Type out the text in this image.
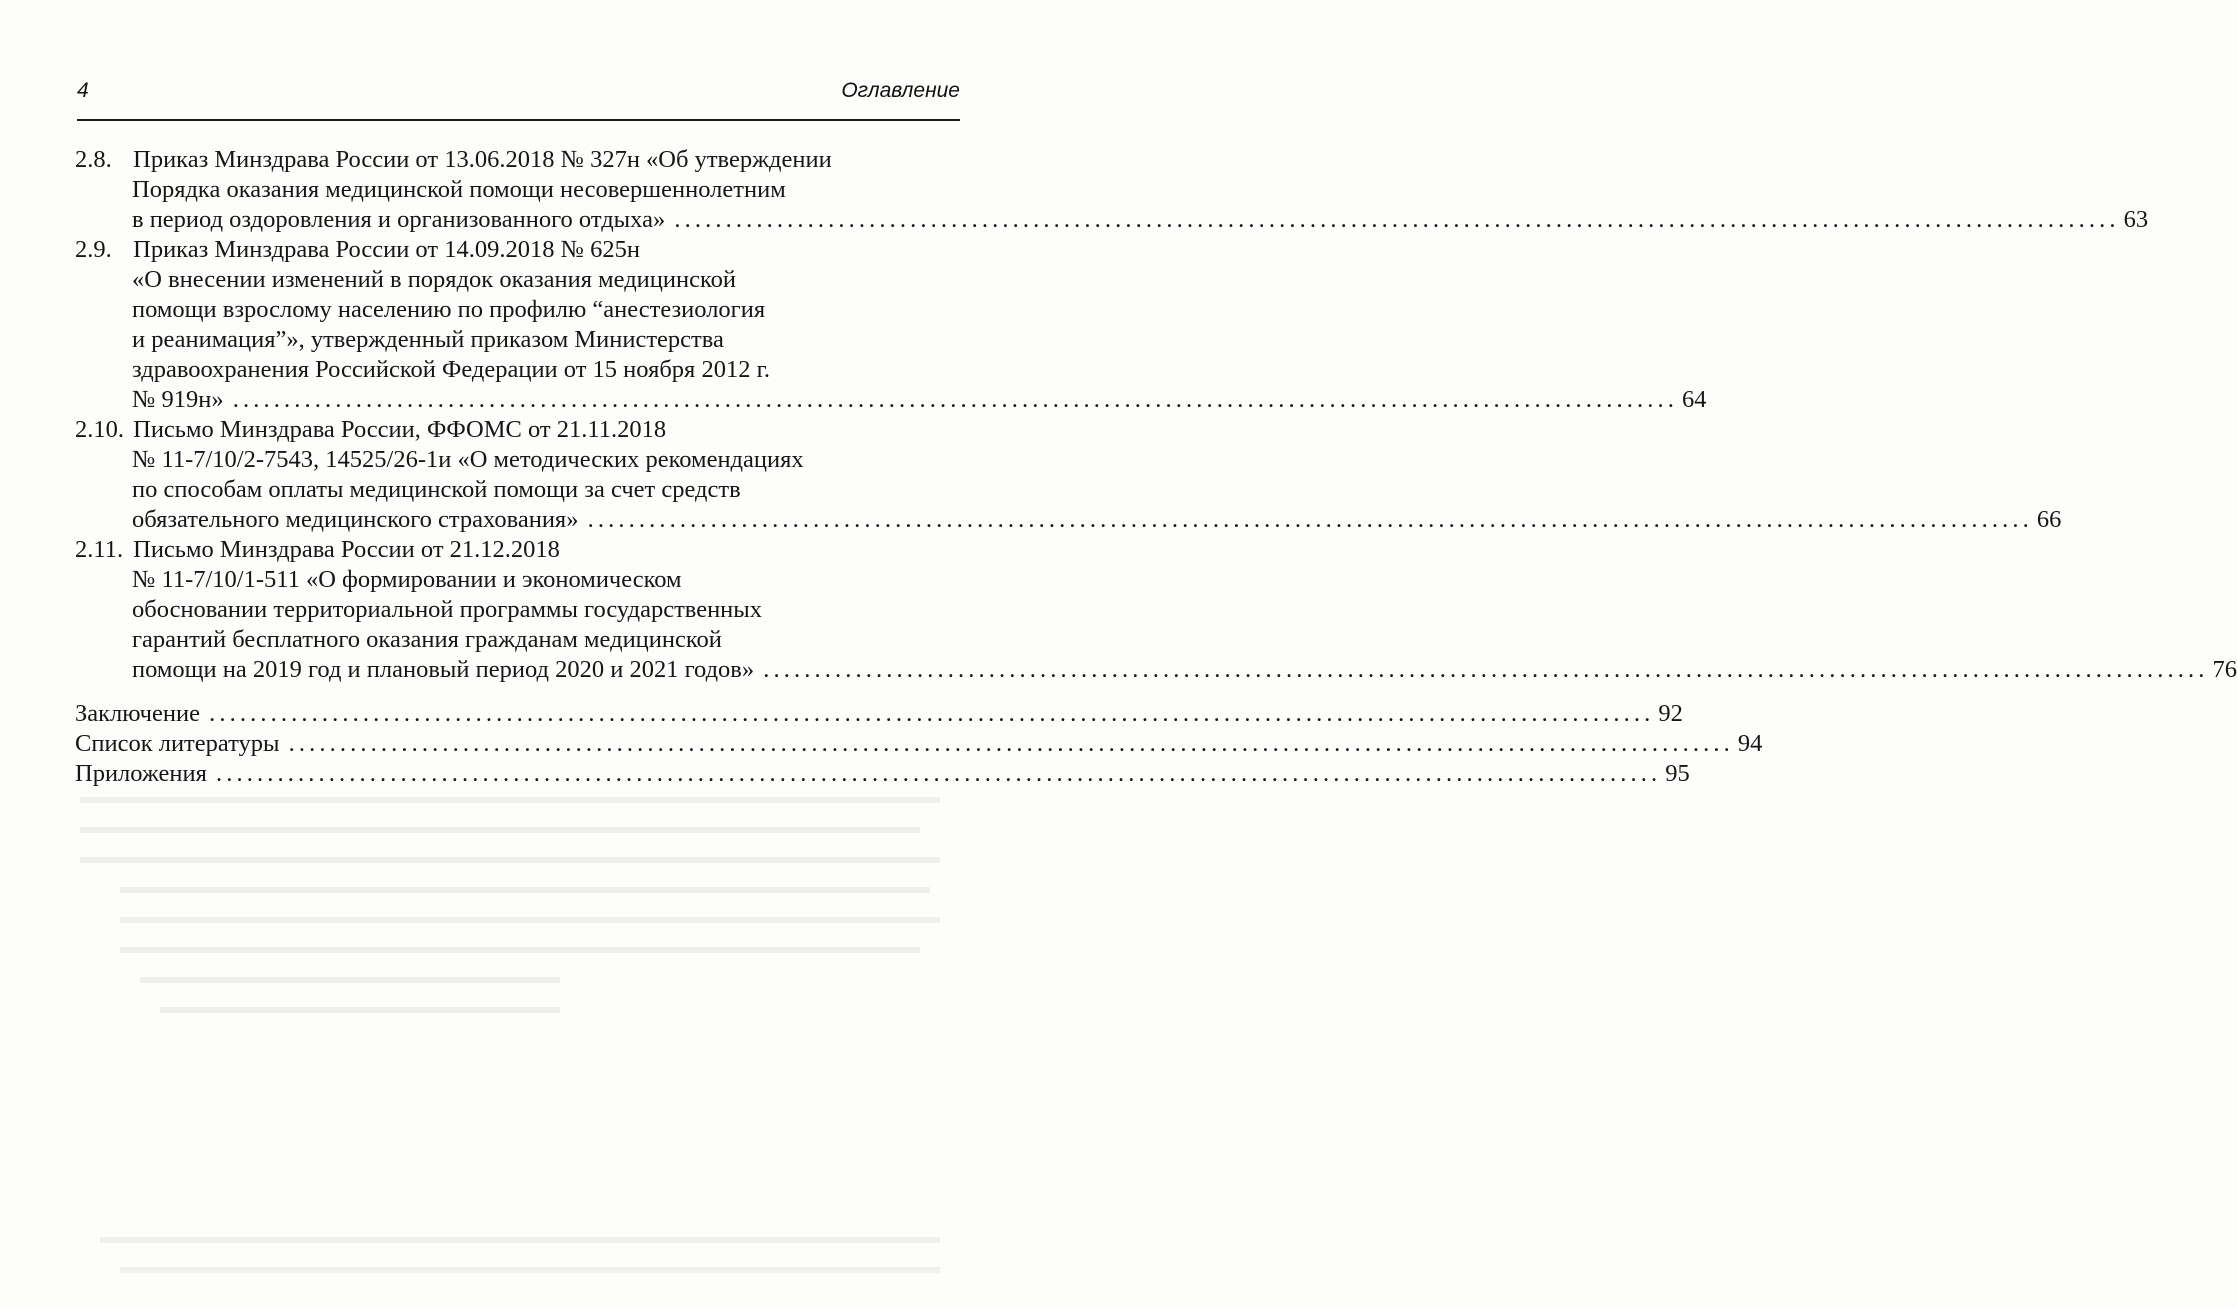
4	Оглавление
2.8. Приказ Минздрава России от 13.06.2018 № 327н «Об утверждении
Порядка оказания медицинской помощи несовершеннолетним
в период оздоровления и организованного отдыха» . . .	63
2.9. Приказ Минздрава России от 14.09.2018 № 625н
«О внесении изменений в порядок оказания медицинской
помощи взрослому населению по профилю “анестезиология
и реанимация”», утвержденный приказом Министерства
здравоохранения Российской Федерации от 15 ноября 2012 г.
№ 919н» . . .	64
2.10. Письмо Минздрава России, ФФОМС от 21.11.2018
№ 11-7/10/2-7543, 14525/26-1и «О методических рекомендациях
по способам оплаты медицинской помощи за счет средств
обязательного медицинского страхования» . . .	66
2.11. Письмо Минздрава России от 21.12.2018
№ 11-7/10/1-511 «О формировании и экономическом
обосновании территориальной программы государственных
гарантий бесплатного оказания гражданам медицинской
помощи на 2019 год и плановый период 2020 и 2021 годов» . . .	76
Заключение . . .	92
Список литературы . . .	94
Приложения . . .	95
